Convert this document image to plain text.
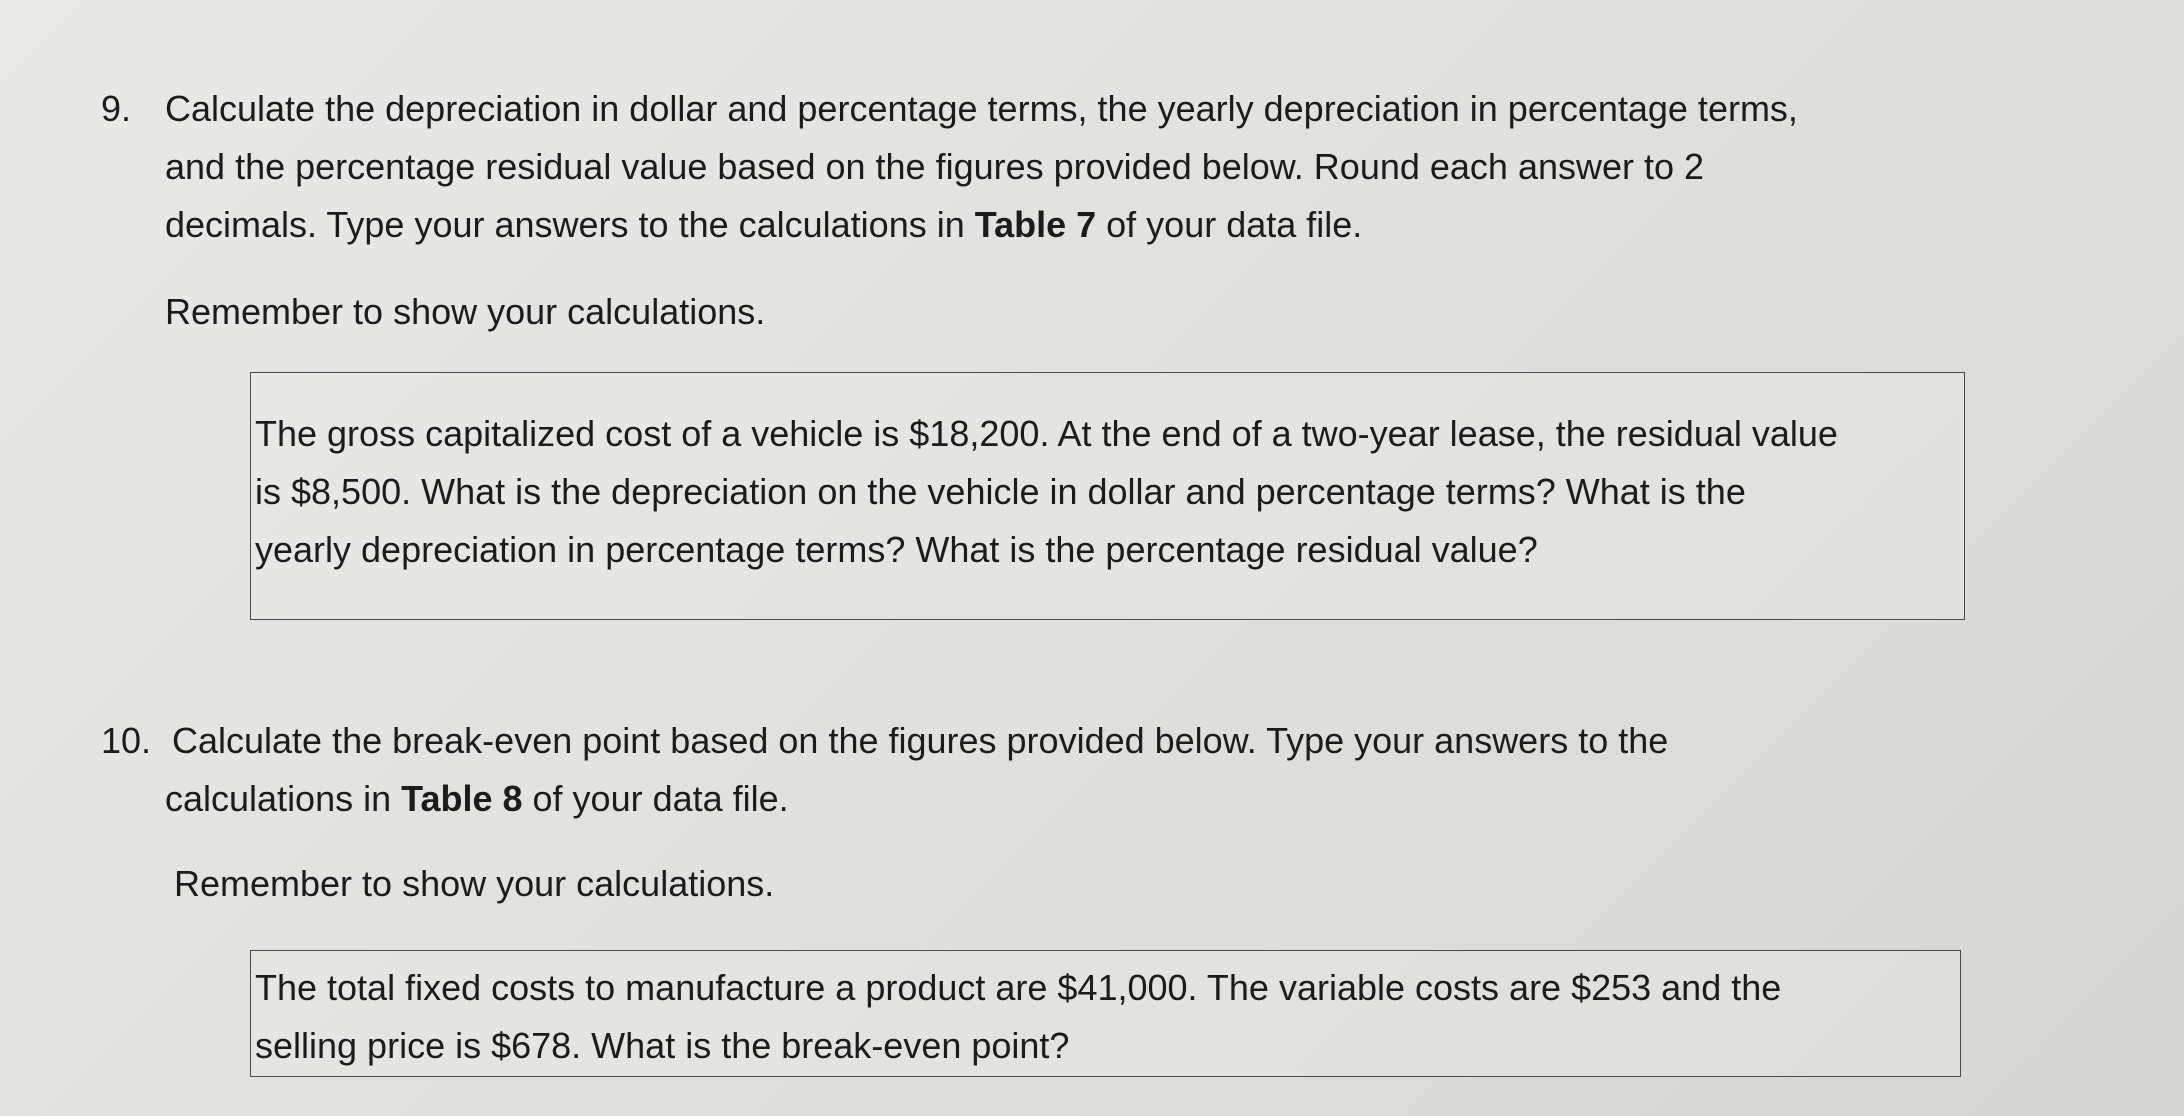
9. Calculate the depreciation in dollar and percentage terms, the yearly depreciation in percentage terms,
and the percentage residual value based on the figures provided below. Round each answer to 2
decimals. Type your answers to the calculations in Table 7 of your data file.
Remember to show your calculations.
The gross capitalized cost of a vehicle is $18,200. At the end of a two-year lease, the residual value
is $8,500. What is the depreciation on the vehicle in dollar and percentage terms? What is the
yearly depreciation in percentage terms? What is the percentage residual value?
10. Calculate the break-even point based on the figures provided below. Type your answers to the
calculations in Table 8 of your data file.
Remember to show your calculations.
The total fixed costs to manufacture a product are $41,000. The variable costs are $253 and the
selling price is $678. What is the break-even point?
